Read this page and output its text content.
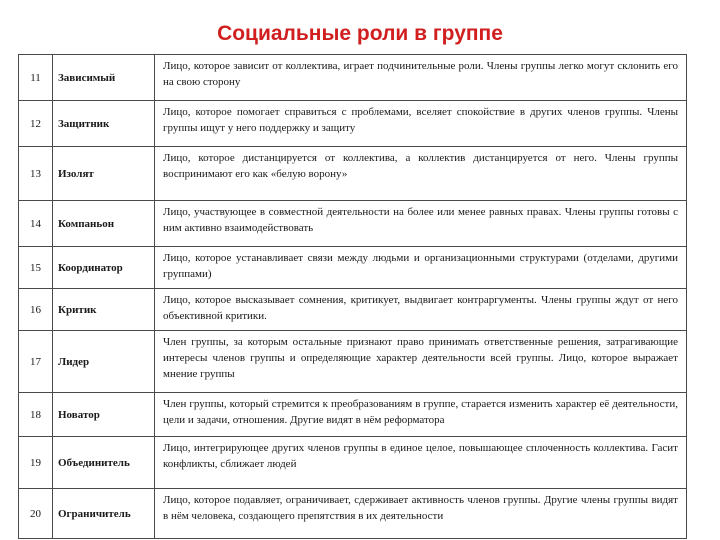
Социальные роли в группе
11	Зависимый	Лицо, которое зависит от коллектива, играет подчинительные роли. Члены группы легко могут склонить его на свою сторону
12	Защитник	Лицо, которое помогает справиться с проблемами, вселяет спокойствие в других членов группы. Члены группы ищут у него поддержку и защиту
13	Изолят	Лицо, которое дистанцируется от коллектива, а коллектив дистанцируется от него. Члены группы воспринимают его как «белую ворону»
14	Компаньон	Лицо, участвующее в совместной деятельности на более или менее равных правах. Члены группы готовы с ним активно взаимодействовать
15	Координатор	Лицо, которое устанавливает связи между людьми и организационными структурами (отделами, другими группами)
16	Критик	Лицо, которое высказывает сомнения, критикует, выдвигает контраргументы. Члены группы ждут от него объективной критики.
17	Лидер	Член группы, за которым остальные признают право принимать ответственные решения, затрагивающие интересы членов группы и определяющие характер деятельности всей группы. Лицо, которое выражает мнение группы
18	Новатор	Член группы, который стремится к преобразованиям в группе, старается изменить характер её деятельности, цели и задачи, отношения. Другие видят в нём реформатора
19	Объединитель	Лицо, интегрирующее других членов группы в единое целое, повышающее сплоченность коллектива. Гасит конфликты, сближает людей
20	Ограничитель	Лицо, которое подавляет, ограничивает, сдерживает активность членов группы. Другие члены группы видят в нём человека, создающего препятствия в их деятельности
